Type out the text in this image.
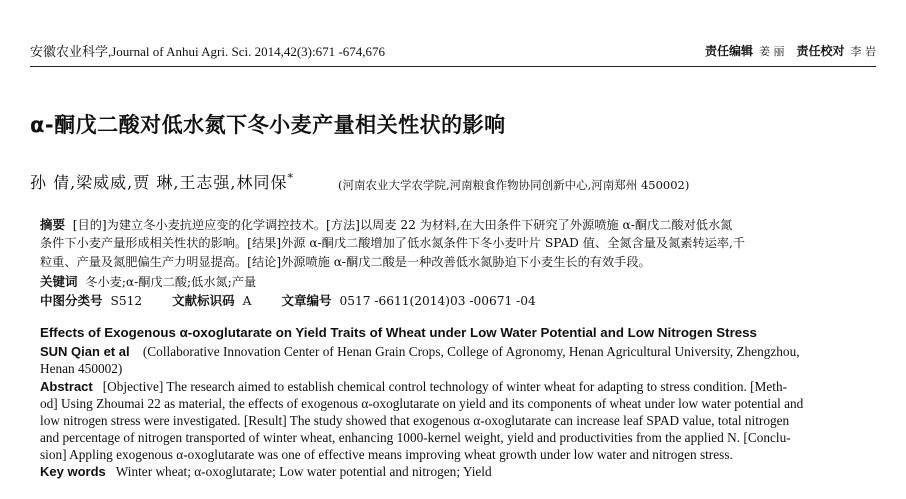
安徽农业科学,Journal of Anhui Agri. Sci. 2014,42(3):671 -674,676	责任编辑 姜 丽 责任校对 李 岩
α-酮戊二酸对低水氮下冬小麦产量相关性状的影响
孙 倩,梁威威,贾 琳,王志强,林同保*	(河南农业大学农学院,河南粮食作物协同创新中心,河南郑州 450002)
摘要 [目的]为建立冬小麦抗逆应变的化学调控技术。[方法]以周麦 22 为材料,在大田条件下研究了外源喷施 α-酮戊二酸对低水氮
条件下小麦产量形成相关性状的影响。[结果]外源 α-酮戊二酸增加了低水氮条件下冬小麦叶片 SPAD 值、全氮含量及氮素转运率,千
粒重、产量及氮肥偏生产力明显提高。[结论]外源喷施 α-酮戊二酸是一种改善低水氮胁迫下小麦生长的有效手段。
关键词 冬小麦;α-酮戊二酸;低水氮;产量
中图分类号 S512 文献标识码 A 文章编号 0517 -6611(2014)03 -00671 -04
Effects of Exogenous α-oxoglutarate on Yield Traits of Wheat under Low Water Potential and Low Nitrogen Stress
SUN Qian et al (Collaborative Innovation Center of Henan Grain Crops, College of Agronomy, Henan Agricultural University, Zhengzhou,
Henan 450002)
Abstract [Objective] The research aimed to establish chemical control technology of winter wheat for adapting to stress condition. [Meth-
od] Using Zhoumai 22 as material, the effects of exogenous α-oxoglutarate on yield and its components of wheat under low water potential and
low nitrogen stress were investigated. [Result] The study showed that exogenous α-oxoglutarate can increase leaf SPAD value, total nitrogen
and percentage of nitrogen transported of winter wheat, enhancing 1000-kernel weight, yield and productivities from the applied N. [Conclu-
sion] Appling exogenous α-oxoglutarate was one of effective means improving wheat growth under low water and nitrogen stress.
Key words Winter wheat; α-oxoglutarate; Low water potential and nitrogen; Yield
